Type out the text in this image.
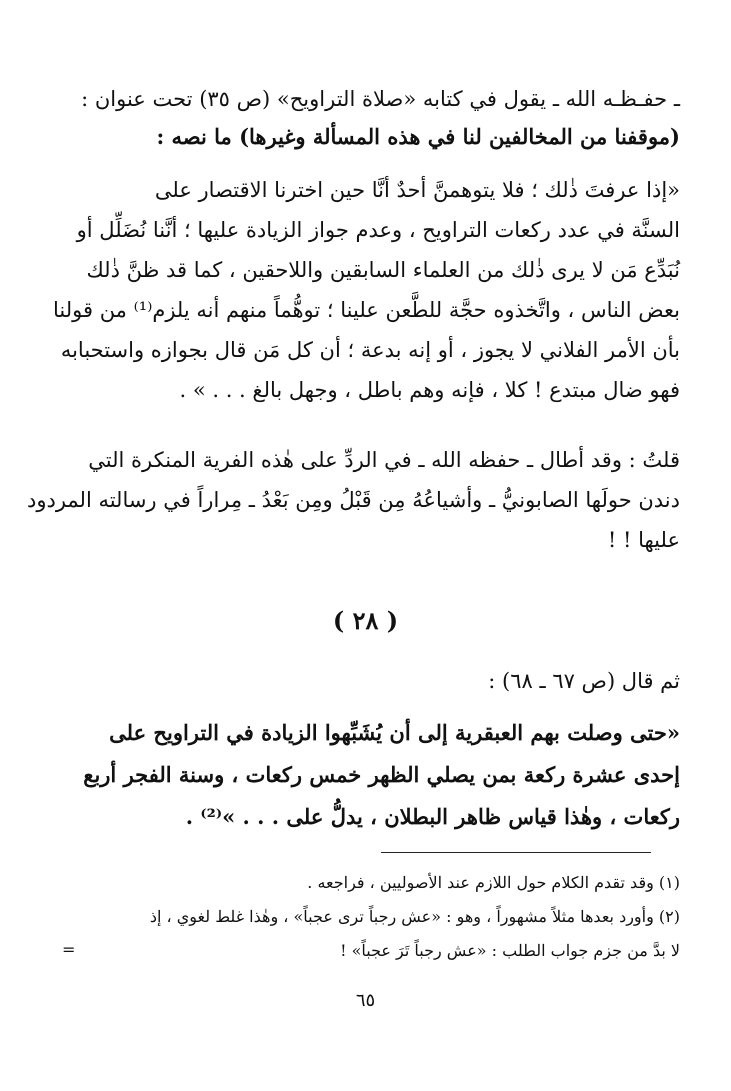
ـ حفـظـه الله ـ يقول في كتابه «صلاة التراويح» (ص ٣٥) تحت عنوان :
(موقفنا من المخالفين لنا في هذه المسألة وغيرها) ما نصه :
«إذا عرفتَ ذٰلك ؛ فلا يتوهمنَّ أحدٌ أنَّا حين اخترنا الاقتصار على
السنَّة في عدد ركعات التراويح ، وعدم جواز الزيادة عليها ؛ أنَّنا نُضَلِّل أو
نُبَدِّع مَن لا يرى ذٰلك من العلماء السابقين واللاحقين ، كما قد ظنَّ ذٰلك
بعض الناس ، واتَّخذوه حجَّة للطَّعن علينا ؛ توهُّماً منهم أنه يلزم⁽¹⁾ من قولنا
بأن الأمر الفلاني لا يجوز ، أو إنه بدعة ؛ أن كل مَن قال بجوازه واستحبابه
فهو ضال مبتدع ! كلا ، فإنه وهم باطل ، وجهل بالغ . . . » .
قلتُ : وقد أطال ـ حفظه الله ـ في الردِّ على هٰذه الفرية المنكرة التي
دندن حولَها الصابونيُّ ـ وأشياعُهُ مِن قَبْلُ ومِن بَعْدُ ـ مِراراً في رسالته المردود
عليها ! !
( ٢٨ )
ثم قال (ص ٦٧ ـ ٦٨) :
«حتى وصلت بهم العبقرية إلى أن يُشَبِّهوا الزيادة في التراويح على
إحدى عشرة ركعة بمن يصلي الظهر خمس ركعات ، وسنة الفجر أربع
ركعات ، وهٰذا قياس ظاهر البطلان ، يدلُّ على . . . »⁽²⁾ .
(١) وقد تقدم الكلام حول اللازم عند الأصوليين ، فراجعه .
(٢) وأورد بعدها مثلاً مشهوراً ، وهو : «عش رجباً ترى عجباً» ، وهٰذا غلط لغوي ، إذ
لا بدَّ من جزم جواب الطلب : «عش رجباً تَرَ عجباً» !
=
٦٥
